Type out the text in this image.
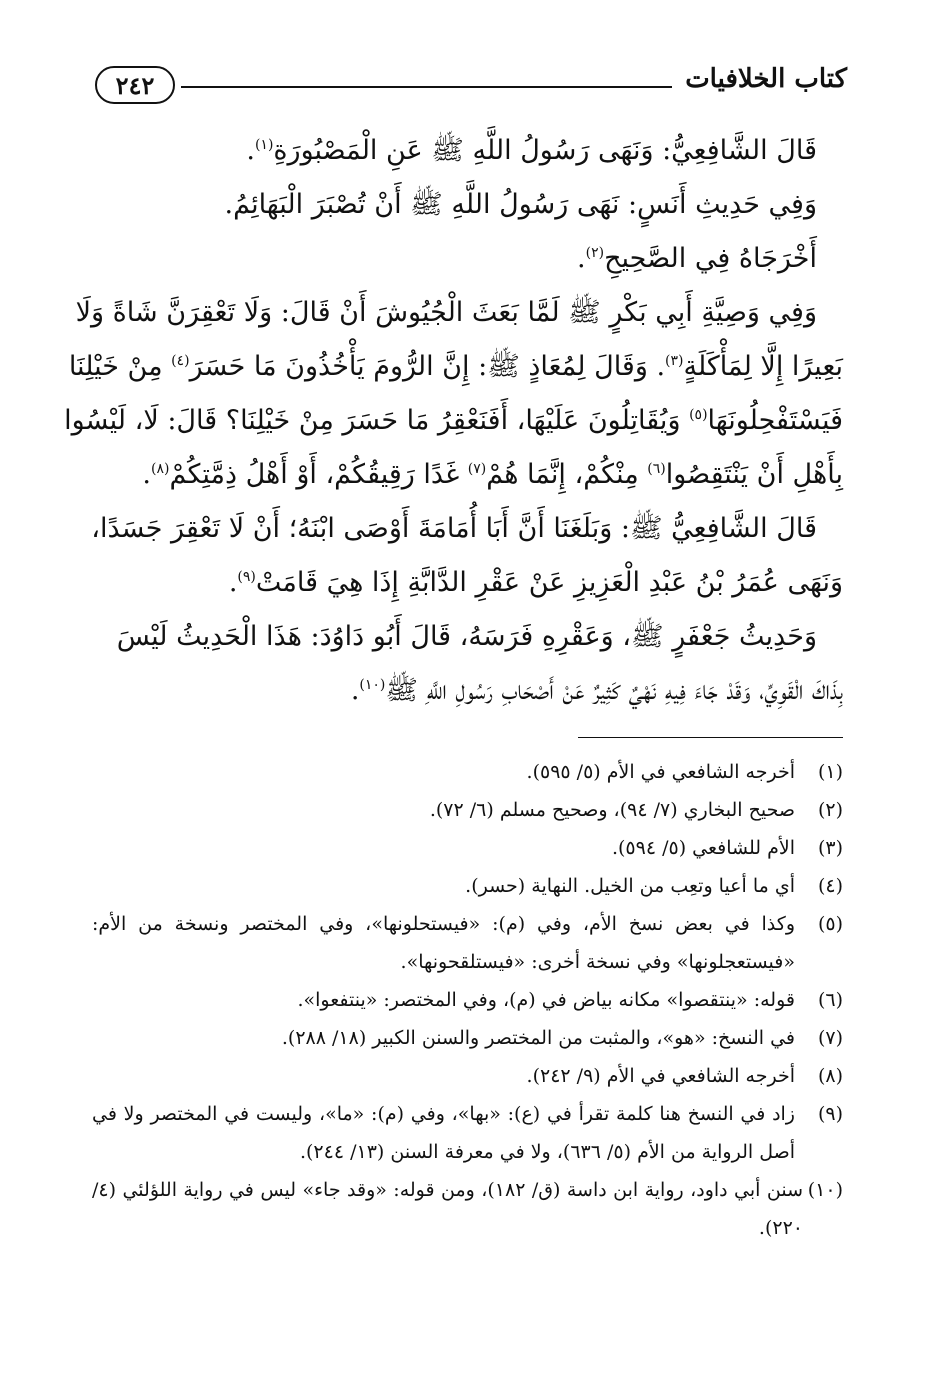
٢٤٢	كتاب الخلافيات

قَالَ الشَّافِعِيُّ: وَنَهَى رَسُولُ اللَّهِ ﷺ عَنِ الْمَصْبُورَةِ$^{(١)}$.

وَفِي حَدِيثِ أَنَسٍ: نَهَى رَسُولُ اللَّهِ ﷺ أَنْ تُصْبَرَ الْبَهَائِمُ.

أَخْرَجَاهُ فِي الصَّحِيحِ$^{(٢)}$.

وَفِي وَصِيَّةِ أَبِي بَكْرٍ ﷺ لَمَّا بَعَثَ الْجُيُوشَ أَنْ قَالَ: وَلَا تَعْقِرَنَّ شَاةً وَلَا

بَعِيرًا إِلَّا لِمَأْكَلَةٍ$^{(٣)}$. وَقَالَ لِمُعَاذٍ ﷺ: إِنَّ الرُّومَ يَأْخُذُونَ مَا حَسَرَ$^{(٤)}$ مِنْ خَيْلِنَا

فَيَسْتَفْحِلُونَهَا$^{(٥)}$ وَيُقَاتِلُونَ عَلَيْهَا، أَفَنَعْقِرُ مَا حَسَرَ مِنْ خَيْلِنَا؟ قَالَ: لَا، لَيْسُوا

بِأَهْلِ أَنْ يَنْتَقِصُوا$^{(٦)}$ مِنْكُمْ، إِنَّمَا هُمْ$^{(٧)}$ غَدًا رَقِيقُكُمْ، أَوْ أَهْلُ ذِمَّتِكُمْ$^{(٨)}$.

قَالَ الشَّافِعِيُّ ﷺ: وَبَلَغَنَا أَنَّ أَبَا أُمَامَةَ أَوْصَى ابْنَهُ؛ أَنْ لَا تَعْقِرَ جَسَدًا،

وَنَهَى عُمَرُ بْنُ عَبْدِ الْعَزِيزِ عَنْ عَقْرِ الدَّابَّةِ إِذَا هِيَ قَامَتْ$^{(٩)}$.

وَحَدِيثُ جَعْفَرٍ ﷺ، وَعَقْرِهِ فَرَسَهُ، قَالَ أَبُو دَاوُدَ: هَذَا الْحَدِيثُ لَيْسَ

بِذَاكَ الْقَوِيِّ، وَقَدْ جَاءَ فِيهِ نَهْيٌ كَثِيرٌ عَنْ أَصْحَابِ رَسُولِ اللَّهِ ﷺ$^{(١٠)}$.

(١)
أخرجه الشافعي في الأم (٥/ ٥٩٥).
(٢)
صحيح البخاري (٧/ ٩٤)، وصحيح مسلم (٦/ ٧٢).
(٣)
الأم للشافعي (٥/ ٥٩٤).
(٤)
أي ما أعيا وتعِب من الخيل. النهاية (حسر).
(٥)
وكذا في بعض نسخ الأم، وفي (م): «فيستحلونها»، وفي المختصر ونسخة من الأم: «فيستعجلونها» وفي نسخة أخرى: «فيستلقحونها».
(٦)
قوله: «ينتقصوا» مكانه بياض في (م)، وفي المختصر: «ينتفعوا».
(٧)
في النسخ: «هو»، والمثبت من المختصر والسنن الكبير (١٨/ ٢٨٨).
(٨)
أخرجه الشافعي في الأم (٩/ ٢٤٢).
(٩)
زاد في النسخ هنا كلمة تقرأ في (ع): «بها»، وفي (م): «ما»، وليست في المختصر ولا في أصل الرواية من الأم (٥/ ٦٣٦)، ولا في معرفة السنن (١٣/ ٢٤٤).
(١٠)
سنن أبي داود، رواية ابن داسة (ق/ ١٨٢)، ومن قوله: «وقد جاء» ليس في رواية اللؤلئي (٤/ ٢٢٠).
